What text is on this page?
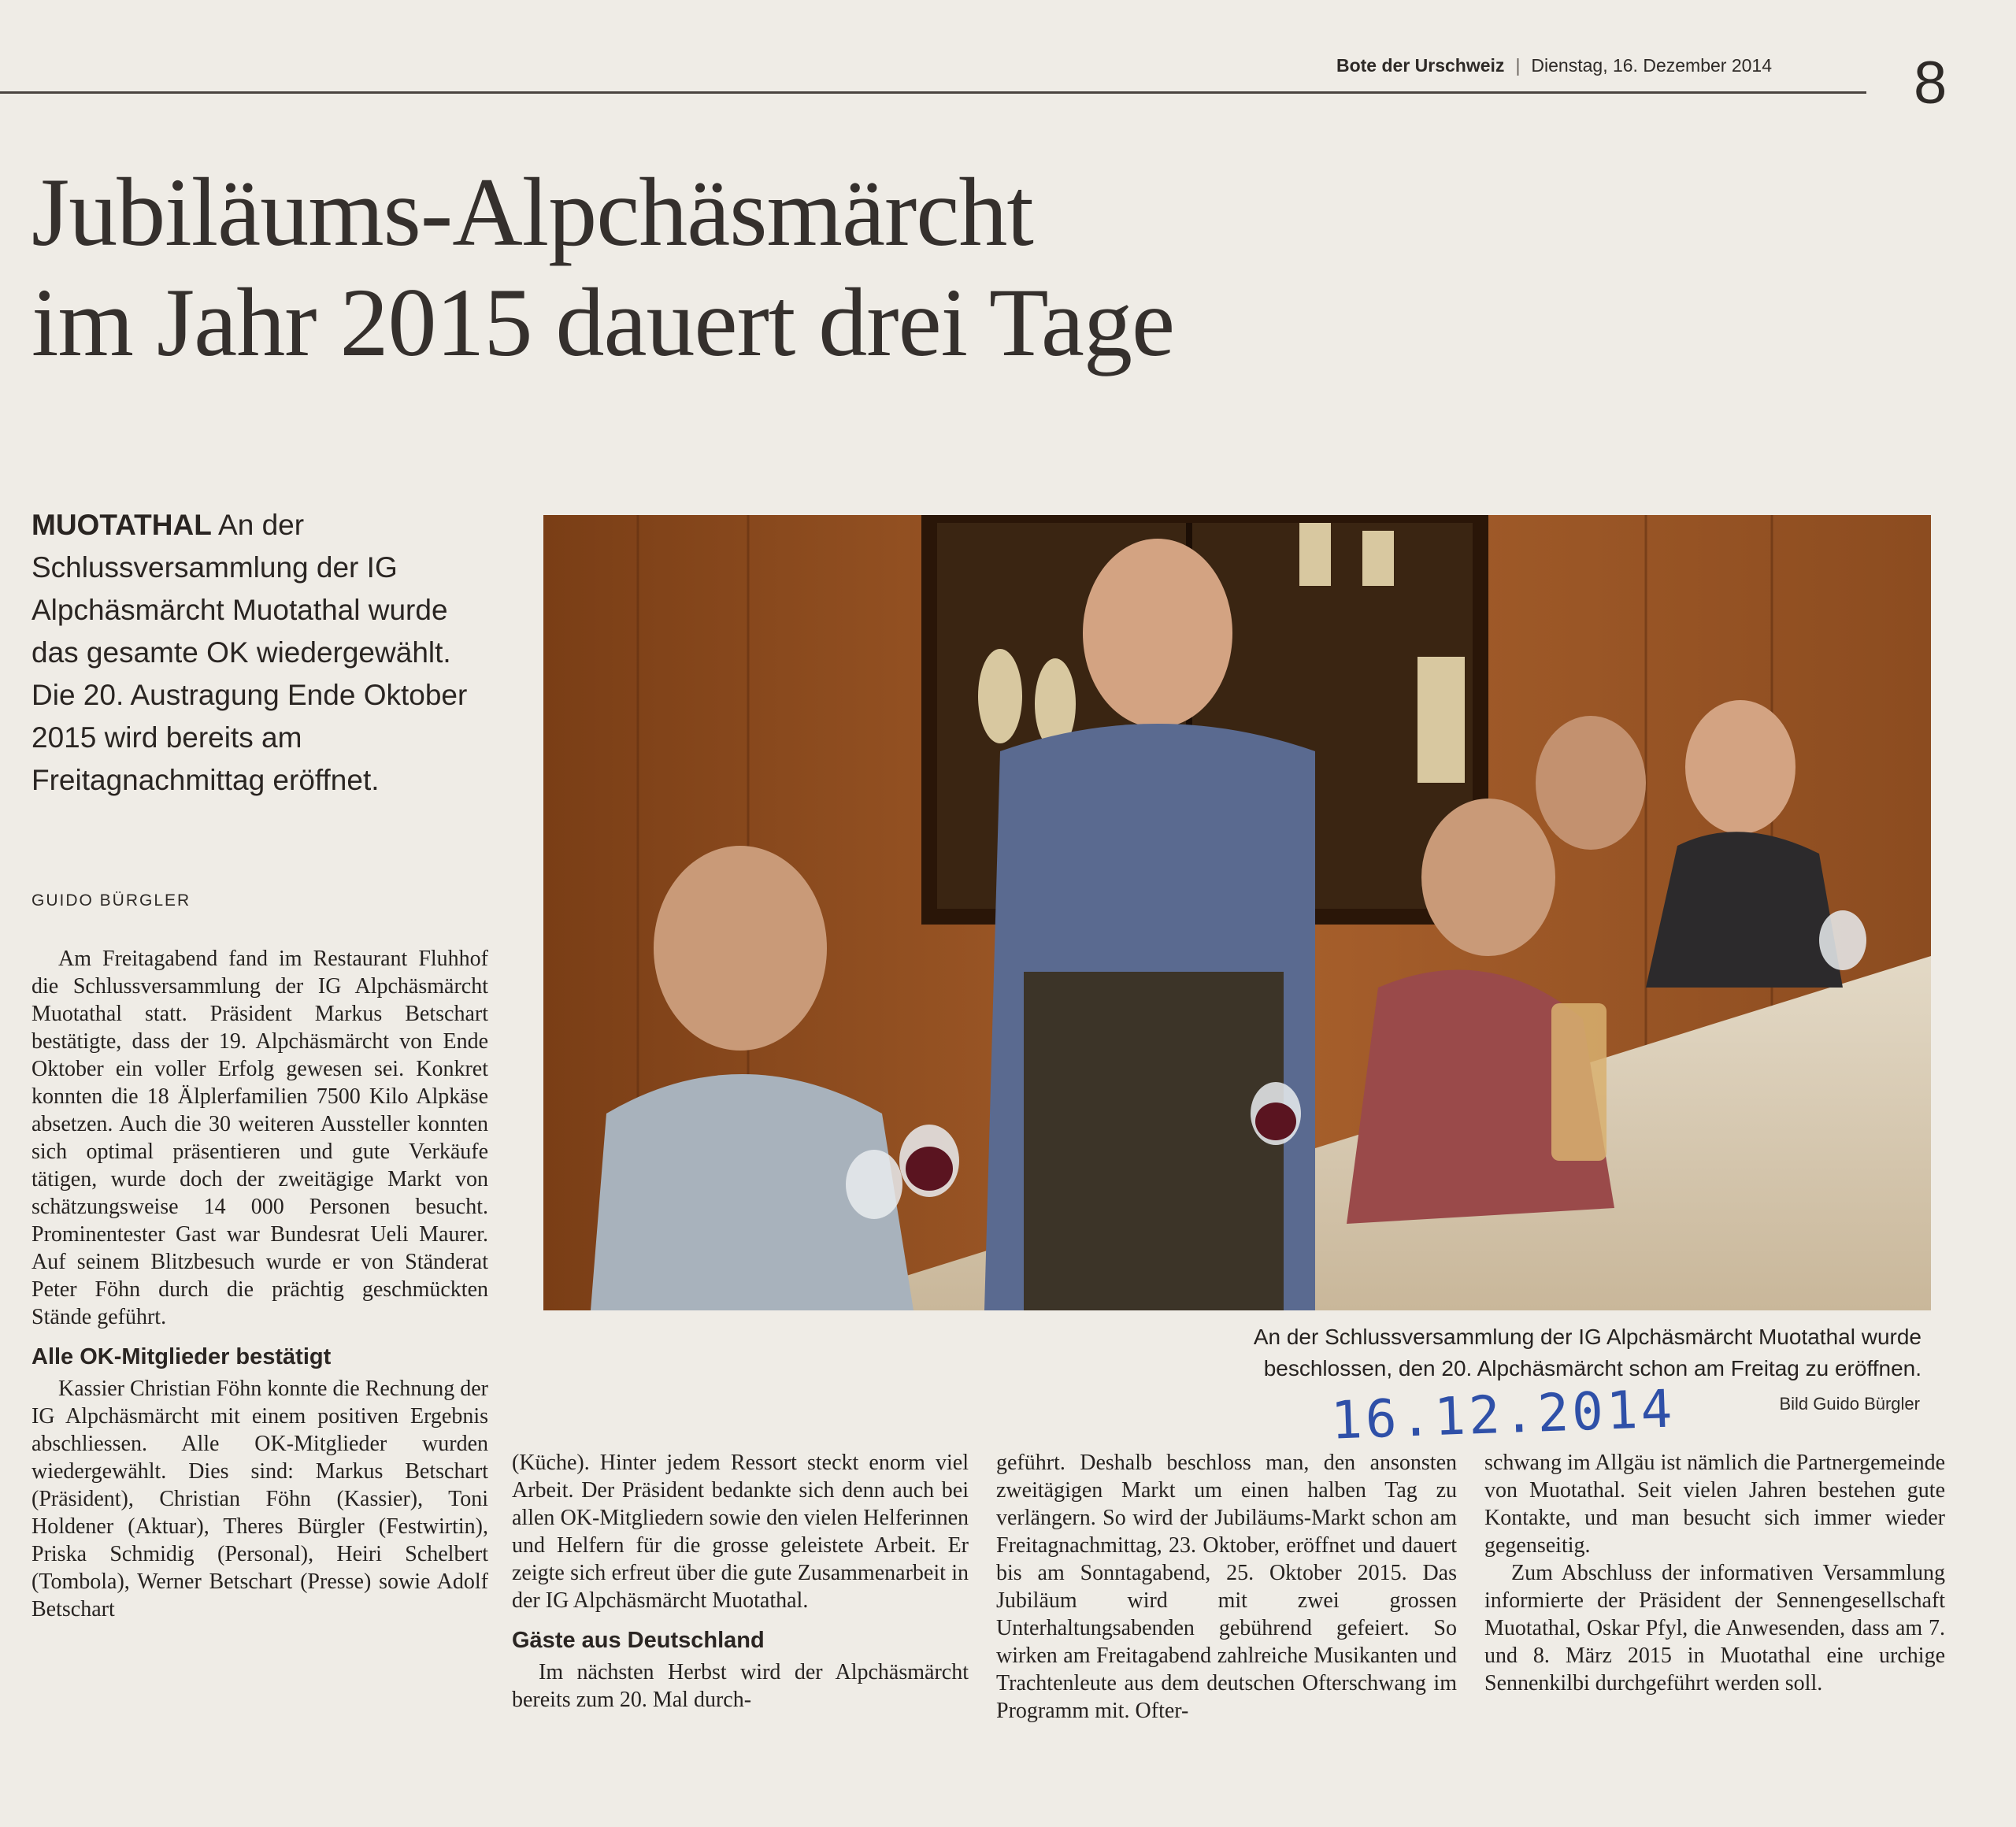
Bote der Urschweiz | Dienstag, 16. Dezember 2014 8
Jubiläums-Alpchäsmärcht
im Jahr 2015 dauert drei Tage
MUOTATHAL An der Schlussversammlung der IG Alpchäsmärcht Muotathal wurde das gesamte OK wiedergewählt. Die 20. Austragung Ende Oktober 2015 wird bereits am Freitagnachmittag eröffnet.
GUIDO BÜRGLER

Am Freitagabend fand im Restaurant Fluhhof die Schlussversammlung der IG Alpchäsmärcht Muotathal statt. Präsident Markus Betschart bestätigte, dass der 19. Alpchäsmärcht von Ende Oktober ein voller Erfolg gewesen sei. Konkret konnten die 18 Älplerfamilien 7500 Kilo Alpkäse absetzen. Auch die 30 weiteren Aussteller konnten sich optimal präsentieren und gute Verkäufe tätigen, wurde doch der zweitägige Markt von schätzungsweise 14 000 Personen besucht. Prominentester Gast war Bundesrat Ueli Maurer. Auf seinem Blitzbesuch wurde er von Ständerat Peter Föhn durch die prächtig geschmückten Stände geführt.

Alle OK-Mitglieder bestätigt

Kassier Christian Föhn konnte die Rechnung der IG Alpchäsmärcht mit einem positiven Ergebnis abschliessen. Alle OK-Mitglieder wurden wiedergewählt. Dies sind: Markus Betschart (Präsident), Christian Föhn (Kassier), Toni Holdener (Aktuar), Theres Bürgler (Festwirtin), Priska Schmidig (Personal), Heiri Schelbert (Tombola), Werner Betschart (Presse) sowie Adolf Betschart

(Küche). Hinter jedem Ressort steckt enorm viel Arbeit. Der Präsident bedankte sich denn auch bei allen OK-Mitgliedern sowie den vielen Helferinnen und Helfern für die grosse geleistete Arbeit. Er zeigte sich erfreut über die gute Zusammenarbeit in der IG Alpchäsmärcht Muotathal.

Gäste aus Deutschland

Im nächsten Herbst wird der Alpchäsmärcht bereits zum 20. Mal durch-

geführt. Deshalb beschloss man, den ansonsten zweitägigen Markt um einen halben Tag zu verlängern. So wird der Jubiläums-Markt schon am Freitagnachmittag, 23. Oktober, eröffnet und dauert bis am Sonntagabend, 25. Oktober 2015. Das Jubiläum wird mit zwei grossen Unterhaltungsabenden gebührend gefeiert. So wirken am Freitagabend zahlreiche Musikanten und Trachtenleute aus dem deutschen Ofterschwang im Programm mit. Ofter-

schwang im Allgäu ist nämlich die Partnergemeinde von Muotathal. Seit vielen Jahren bestehen gute Kontakte, und man besucht sich immer wieder gegenseitig.

Zum Abschluss der informativen Versammlung informierte der Präsident der Sennengesellschaft Muotathal, Oskar Pfyl, die Anwesenden, dass am 7. und 8. März 2015 in Muotathal eine urchige Sennenkilbi durchgeführt werden soll.

An der Schlussversammlung der IG Alpchäsmärcht Muotathal wurde
beschlossen, den 20. Alpchäsmärcht schon am Freitag zu eröffnen.
Bild Guido Bürgler
16.12.2014
